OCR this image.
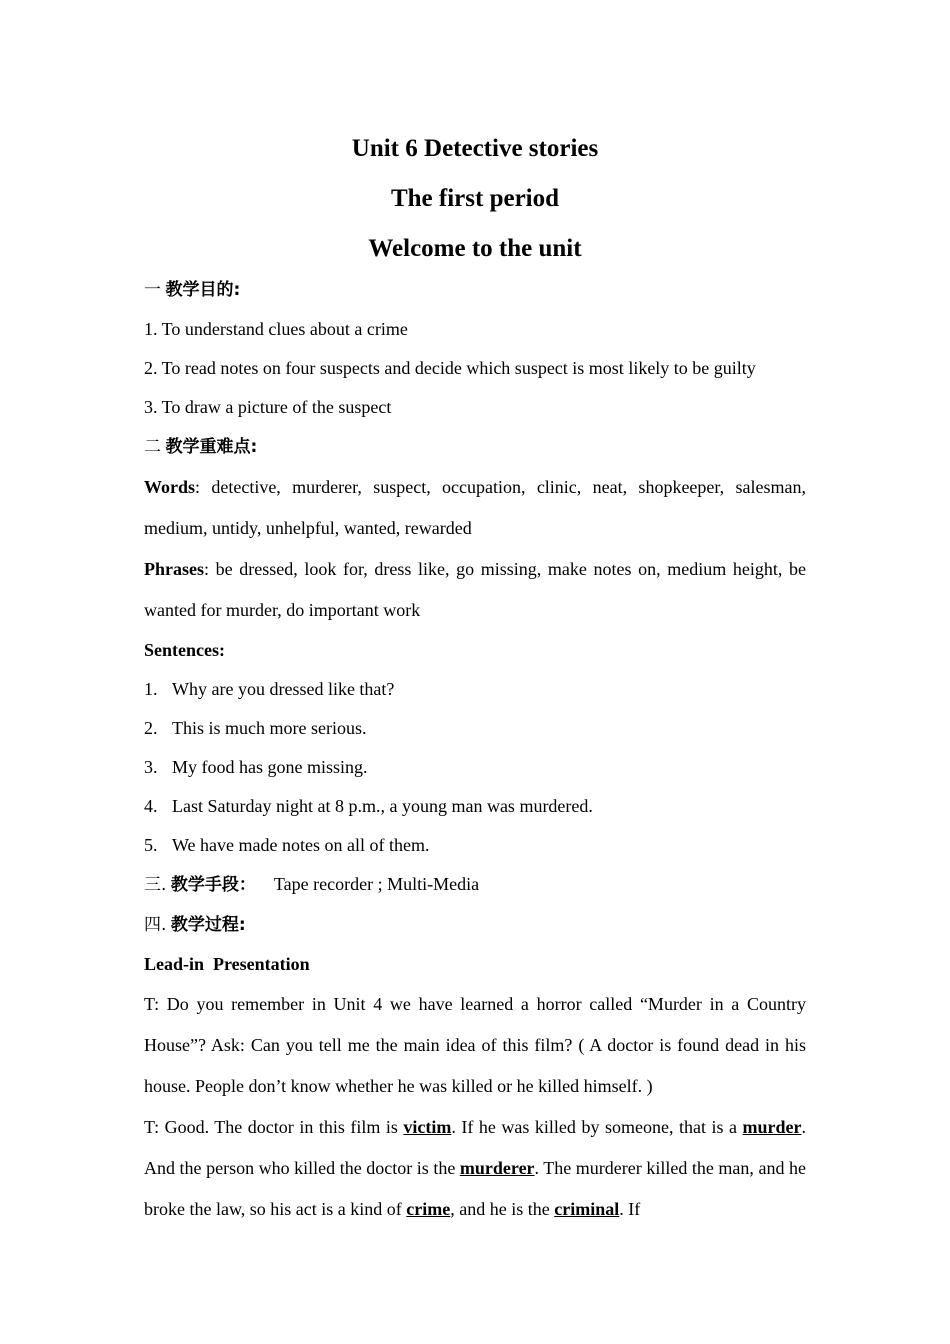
Unit 6 Detective stories

The first period

Welcome to the unit

一 教学目的:

1. To understand clues about a crime

2. To read notes on four suspects and decide which suspect is most likely to be guilty

3. To draw a picture of the suspect

二 教学重难点:

Words: detective, murderer, suspect, occupation, clinic, neat, shopkeeper, salesman, medium, untidy, unhelpful, wanted, rewarded

Phrases: be dressed, look for, dress like, go missing, make notes on, medium height, be wanted for murder, do important work

Sentences:

1. Why are you dressed like that?

2. This is much more serious.

3. My food has gone missing.

4. Last Saturday night at 8 p.m., a young man was murdered.

5. We have made notes on all of them.

三. 教学手段： Tape recorder ; Multi-Media

四. 教学过程:

Lead-in  Presentation

T: Do you remember in Unit 4 we have learned a horror called “Murder in a Country House”? Ask: Can you tell me the main idea of this film? ( A doctor is found dead in his house. People don’t know whether he was killed or he killed himself. )

T: Good. The doctor in this film is victim. If he was killed by someone, that is a murder. And the person who killed the doctor is the murderer. The murderer killed the man, and he broke the law, so his act is a kind of crime, and he is the criminal. If
